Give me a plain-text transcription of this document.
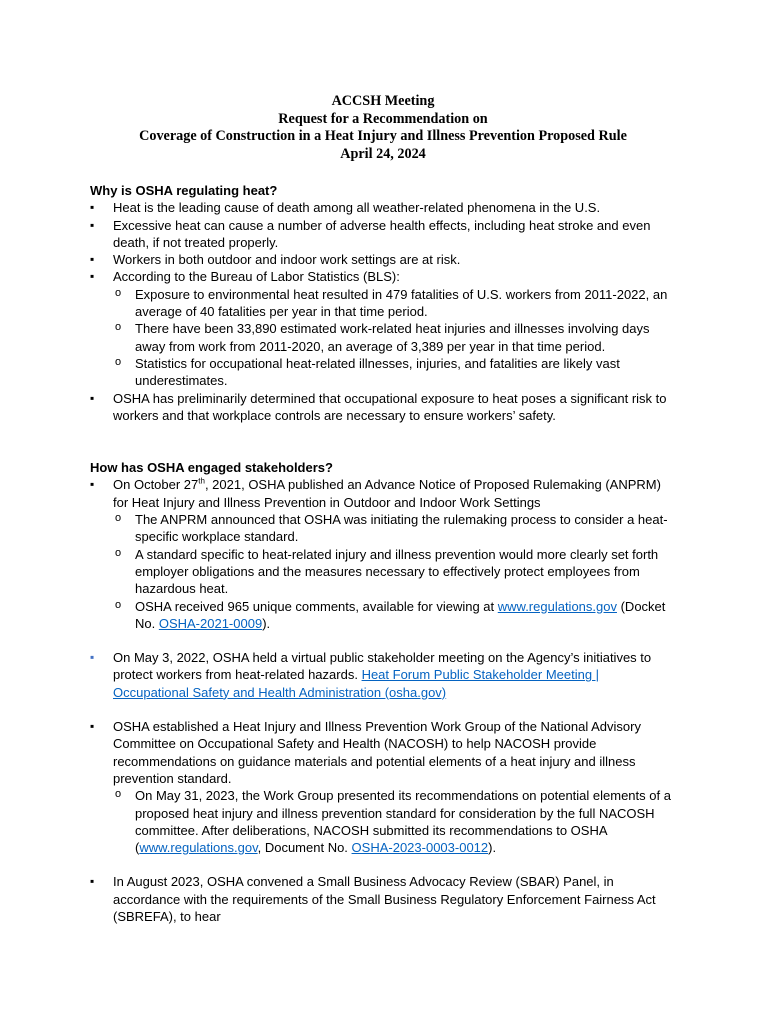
ACCSH Meeting
Request for a Recommendation on
Coverage of Construction in a Heat Injury and Illness Prevention Proposed Rule
April 24, 2024

Why is OSHA regulating heat?

▪ Heat is the leading cause of death among all weather-related phenomena in the U.S.
▪ Excessive heat can cause a number of adverse health effects, including heat stroke and even death, if not treated properly.
▪ Workers in both outdoor and indoor work settings are at risk.
▪ According to the Bureau of Labor Statistics (BLS):
o Exposure to environmental heat resulted in 479 fatalities of U.S. workers from 2011-2022, an average of 40 fatalities per year in that time period.
o There have been 33,890 estimated work-related heat injuries and illnesses involving days away from work from 2011-2020, an average of 3,389 per year in that time period.
o Statistics for occupational heat-related illnesses, injuries, and fatalities are likely vast underestimates.
▪ OSHA has preliminarily determined that occupational exposure to heat poses a significant risk to workers and that workplace controls are necessary to ensure workers’ safety.

How has OSHA engaged stakeholders?

▪ On October 27th, 2021, OSHA published an Advance Notice of Proposed Rulemaking (ANPRM) for Heat Injury and Illness Prevention in Outdoor and Indoor Work Settings
o The ANPRM announced that OSHA was initiating the rulemaking process to consider a heat-specific workplace standard.
o A standard specific to heat-related injury and illness prevention would more clearly set forth employer obligations and the measures necessary to effectively protect employees from hazardous heat.
o OSHA received 965 unique comments, available for viewing at www.regulations.gov (Docket No. OSHA-2021-0009).
▪ On May 3, 2022, OSHA held a virtual public stakeholder meeting on the Agency’s initiatives to protect workers from heat-related hazards. Heat Forum Public Stakeholder Meeting | Occupational Safety and Health Administration (osha.gov)
▪ OSHA established a Heat Injury and Illness Prevention Work Group of the National Advisory Committee on Occupational Safety and Health (NACOSH) to help NACOSH provide recommendations on guidance materials and potential elements of a heat injury and illness prevention standard.
o On May 31, 2023, the Work Group presented its recommendations on potential elements of a proposed heat injury and illness prevention standard for consideration by the full NACOSH committee. After deliberations, NACOSH submitted its recommendations to OSHA (www.regulations.gov, Document No. OSHA-2023-0003-0012).
▪ In August 2023, OSHA convened a Small Business Advocacy Review (SBAR) Panel, in accordance with the requirements of the Small Business Regulatory Enforcement Fairness Act (SBREFA), to hear
